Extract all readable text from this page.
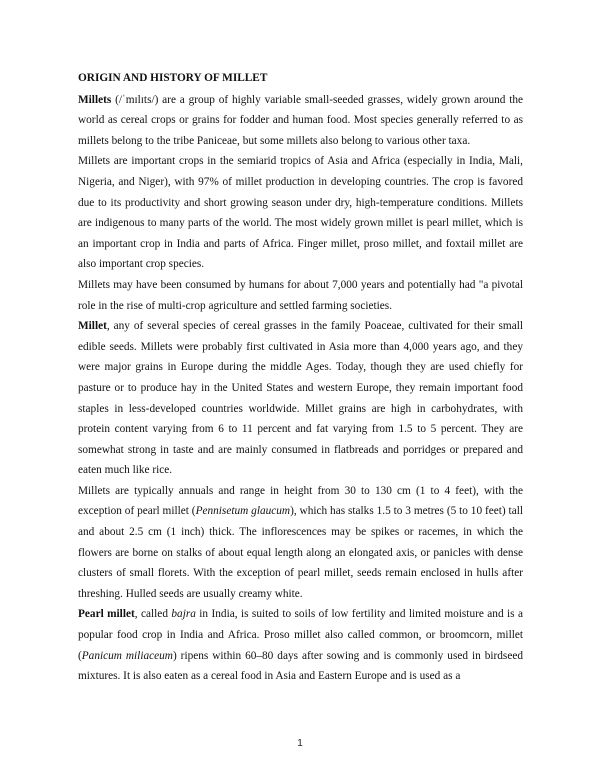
ORIGIN AND HISTORY OF MILLET

Millets (/ˈmɪlɪts/) are a group of highly variable small-seeded grasses, widely grown around the world as cereal crops or grains for fodder and human food. Most species generally referred to as millets belong to the tribe Paniceae, but some millets also belong to various other taxa.

Millets are important crops in the semiarid tropics of Asia and Africa (especially in India, Mali, Nigeria, and Niger), with 97% of millet production in developing countries. The crop is favored due to its productivity and short growing season under dry, high-temperature conditions. Millets are indigenous to many parts of the world. The most widely grown millet is pearl millet, which is an important crop in India and parts of Africa. Finger millet, proso millet, and foxtail millet are also important crop species.

Millets may have been consumed by humans for about 7,000 years and potentially had "a pivotal role in the rise of multi-crop agriculture and settled farming societies.

Millet, any of several species of cereal grasses in the family Poaceae, cultivated for their small edible seeds. Millets were probably first cultivated in Asia more than 4,000 years ago, and they were major grains in Europe during the middle Ages. Today, though they are used chiefly for pasture or to produce hay in the United States and western Europe, they remain important food staples in less-developed countries worldwide. Millet grains are high in carbohydrates, with protein content varying from 6 to 11 percent and fat varying from 1.5 to 5 percent. They are somewhat strong in taste and are mainly consumed in flatbreads and porridges or prepared and eaten much like rice.

Millets are typically annuals and range in height from 30 to 130 cm (1 to 4 feet), with the exception of pearl millet (Pennisetum glaucum), which has stalks 1.5 to 3 metres (5 to 10 feet) tall and about 2.5 cm (1 inch) thick. The inflorescences may be spikes or racemes, in which the flowers are borne on stalks of about equal length along an elongated axis, or panicles with dense clusters of small florets. With the exception of pearl millet, seeds remain enclosed in hulls after threshing. Hulled seeds are usually creamy white.

Pearl millet, called bajra in India, is suited to soils of low fertility and limited moisture and is a popular food crop in India and Africa. Proso millet also called common, or broomcorn, millet (Panicum miliaceum) ripens within 60–80 days after sowing and is commonly used in birdseed mixtures. It is also eaten as a cereal food in Asia and Eastern Europe and is used as a

1
